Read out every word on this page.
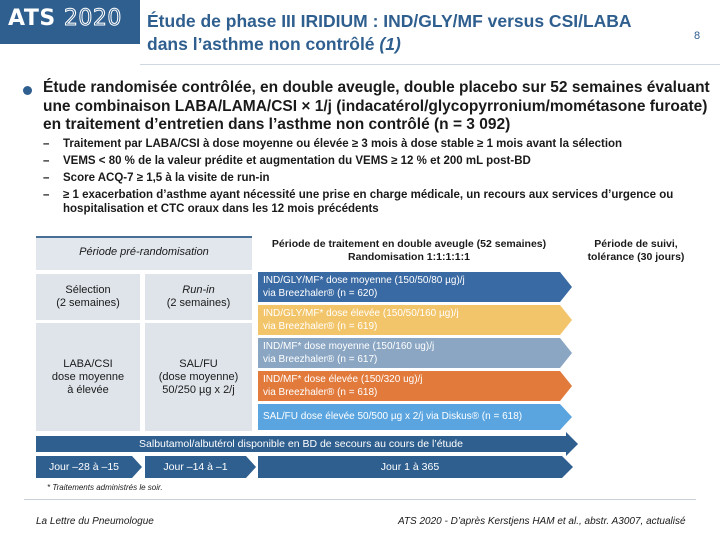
ATS 2020 Étude de phase III IRIDIUM : IND/GLY/MF versus CSI/LABA
dans l’asthme non contrôlé (1)	8
Étude randomisée contrôlée, en double aveugle, double placebo sur 52 semaines évaluant une combinaison LABA/LAMA/CSI × 1/j (indacatérol/glycopyrronium/mométasone furoate) en traitement d’entretien dans l’asthme non contrôlé (n = 3 092)
– Traitement par LABA/CSI à dose moyenne ou élevée ≥ 3 mois à dose stable ≥ 1 mois avant la sélection
– VEMS < 80 % de la valeur prédite et augmentation du VEMS ≥ 12 % et 200 mL post-BD
– Score ACQ-7 ≥ 1,5 à la visite de run-in
– ≥ 1 exacerbation d’asthme ayant nécessité une prise en charge médicale, un recours aux services d’urgence ou hospitalisation et CTC oraux dans les 12 mois précédents
Période pré-randomisation
Période de traitement en double aveugle (52 semaines)
Randomisation 1:1:1:1:1
Période de suivi,
tolérance (30 jours)
Sélection
(2 semaines)
Run-in
(2 semaines)
LABA/CSI
dose moyenne
à élevée
SAL/FU
(dose moyenne)
50/250 µg x 2/j
IND/GLY/MF* dose moyenne (150/50/80 µg)/j
via Breezhaler® (n = 620)
IND/GLY/MF* dose élevée (150/50/160 µg)/j
via Breezhaler® (n = 619)
IND/MF* dose moyenne (150/160 ug)/j
via Breezhaler® (n = 617)
IND/MF* dose élevée (150/320 ug)/j
via Breezhaler® (n = 618)
SAL/FU dose élevée 50/500 µg x 2/j via Diskus® (n = 618)
Salbutamol/albutérol disponible en BD de secours au cours de l’étude
Jour –28 à –15	Jour –14 à –1	Jour 1 à 365
* Traitements administrés le soir.
La Lettre du Pneumologue	ATS 2020 - D’après Kerstjens HAM et al., abstr. A3007, actualisé
